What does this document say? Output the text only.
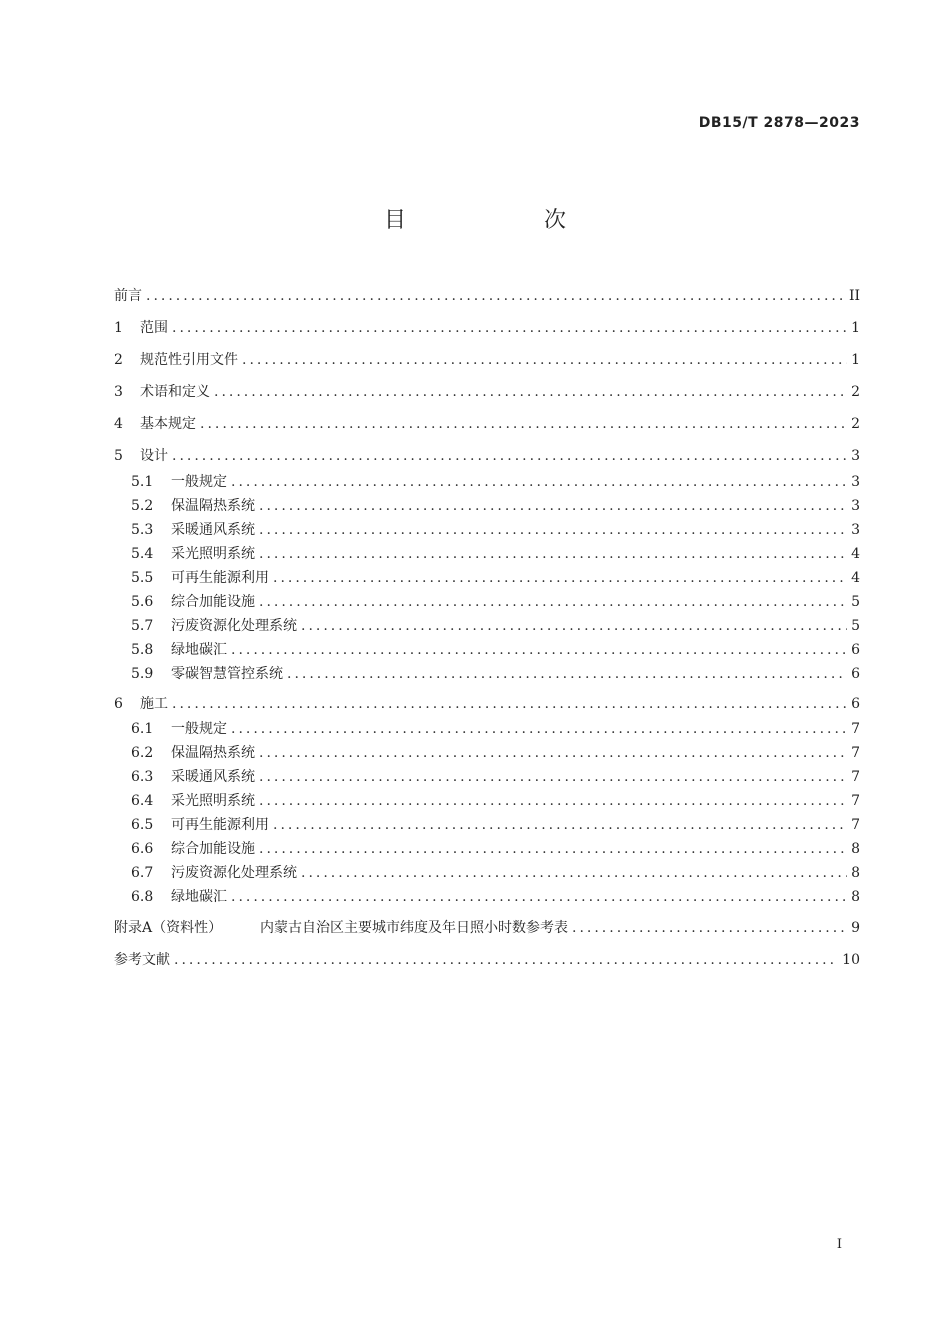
DB15/T 2878—2023
目　次
前言 .....	II
1	范围 .....	1
2	规范性引用文件 .....	1
3	术语和定义 .....	2
4	基本规定 .....	2
5	设计 .....	3
5.1	一般规定 .....	3
5.2	保温隔热系统 .....	3
5.3	采暖通风系统 .....	3
5.4	采光照明系统 .....	4
5.5	可再生能源利用 .....	4
5.6	综合加能设施 .....	5
5.7	污废资源化处理系统 .....	5
5.8	绿地碳汇 .....	6
5.9	零碳智慧管控系统 .....	6
6	施工 .....	6
6.1	一般规定 .....	7
6.2	保温隔热系统 .....	7
6.3	采暖通风系统 .....	7
6.4	采光照明系统 .....	7
6.5	可再生能源利用 .....	7
6.6	综合加能设施 .....	8
6.7	污废资源化处理系统 .....	8
6.8	绿地碳汇 .....	8
附录A（资料性）	内蒙古自治区主要城市纬度及年日照小时数参考表 .....	9
参考文献 .....	10
I
